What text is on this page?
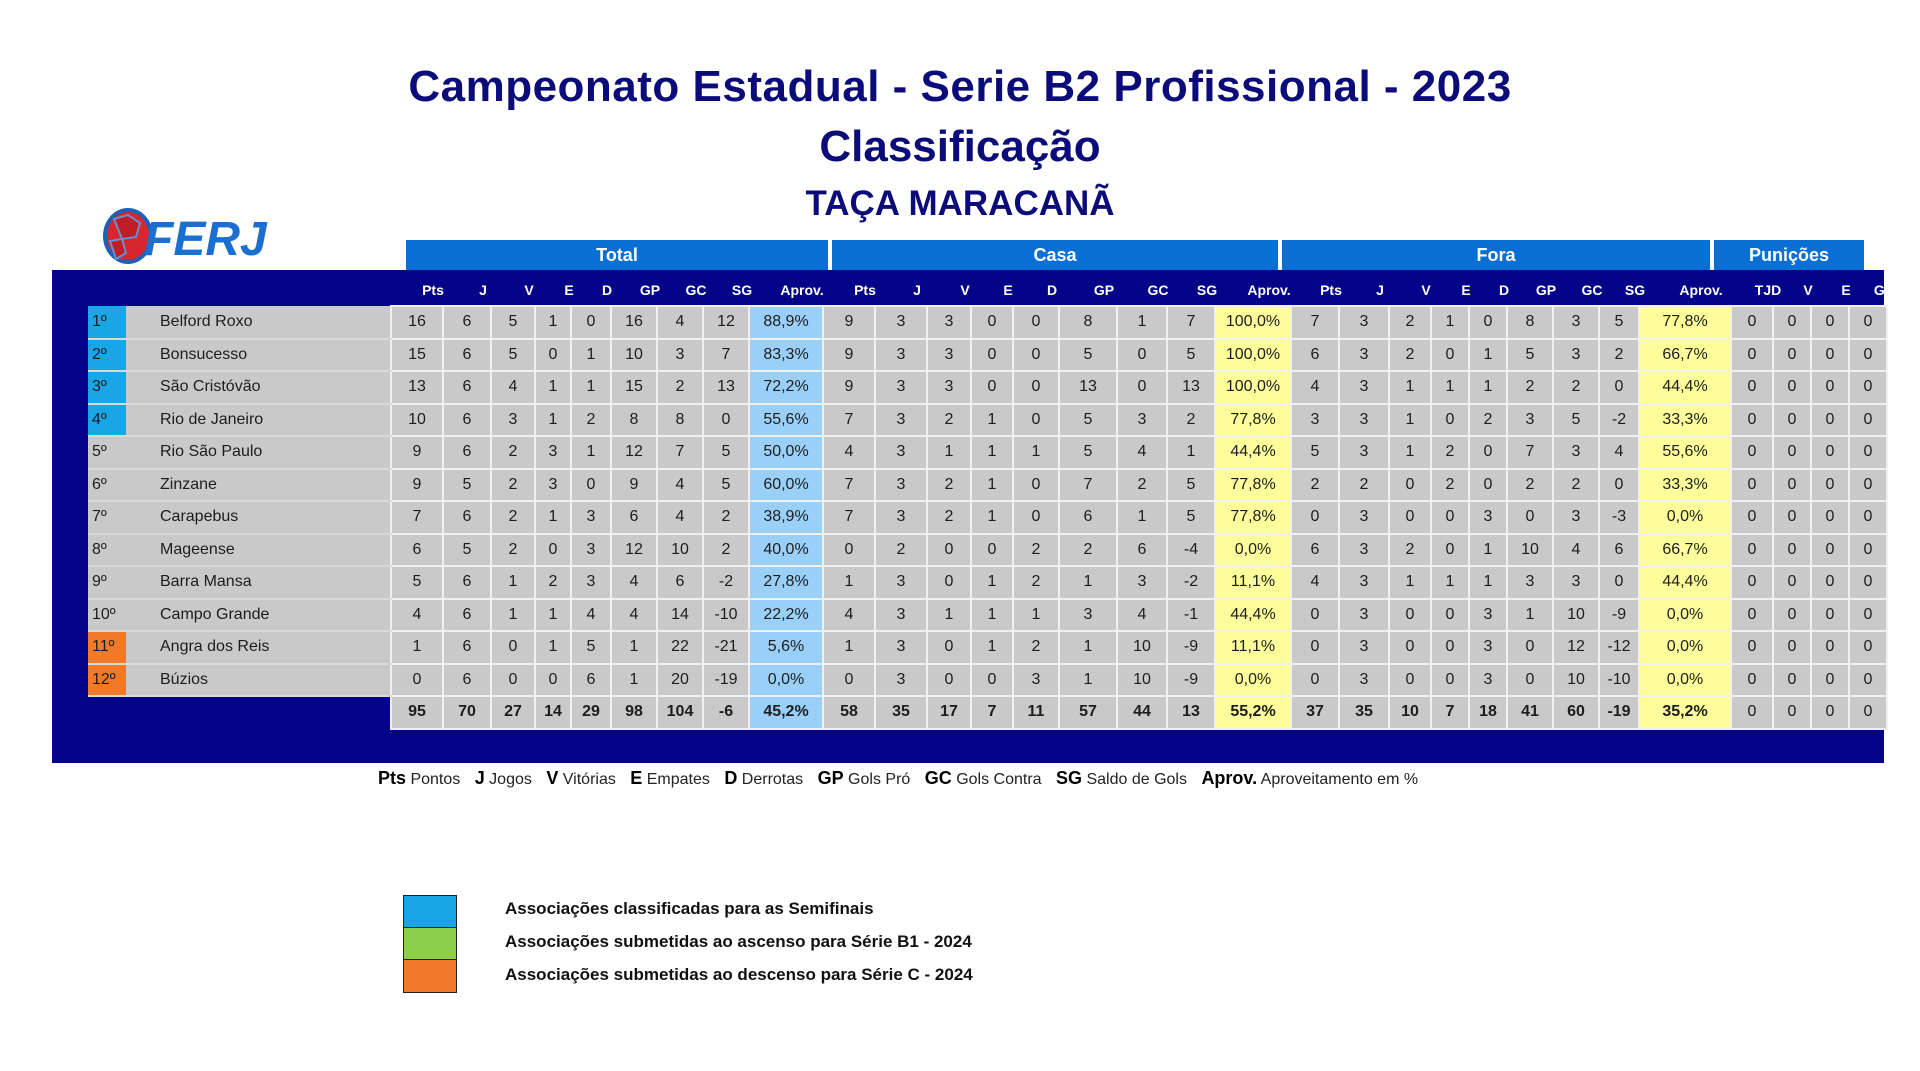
Campeonato Estadual - Serie B2 Profissional - 2023
Classificação
TAÇA MARACANÃ
FERJ	Total	Casa	Fora	Punições
Pts	J	V	E	D	GP	GC	SG	Aprov.	Pts	J	V	E	D	GP	GC	SG	Aprov.	Pts	J	V	E	D	GP	GC	SG	Aprov.	TJD	V	E	GP
1º	Belford Roxo	16	6	5	1	0	16	4	12	88,9%	9	3	3	0	0	8	1	7	100,0%	7	3	2	1	0	8	3	5	77,8%	0	0	0	0
2º	Bonsucesso	15	6	5	0	1	10	3	7	83,3%	9	3	3	0	0	5	0	5	100,0%	6	3	2	0	1	5	3	2	66,7%	0	0	0	0
3º	São Cristóvão	13	6	4	1	1	15	2	13	72,2%	9	3	3	0	0	13	0	13	100,0%	4	3	1	1	1	2	2	0	44,4%	0	0	0	0
4º	Rio de Janeiro	10	6	3	1	2	8	8	0	55,6%	7	3	2	1	0	5	3	2	77,8%	3	3	1	0	2	3	5	-2	33,3%	0	0	0	0
5º	Rio São Paulo	9	6	2	3	1	12	7	5	50,0%	4	3	1	1	1	5	4	1	44,4%	5	3	1	2	0	7	3	4	55,6%	0	0	0	0
6º	Zinzane	9	5	2	3	0	9	4	5	60,0%	7	3	2	1	0	7	2	5	77,8%	2	2	0	2	0	2	2	0	33,3%	0	0	0	0
7º	Carapebus	7	6	2	1	3	6	4	2	38,9%	7	3	2	1	0	6	1	5	77,8%	0	3	0	0	3	0	3	-3	0,0%	0	0	0	0
8º	Mageense	6	5	2	0	3	12	10	2	40,0%	0	2	0	0	2	2	6	-4	0,0%	6	3	2	0	1	10	4	6	66,7%	0	0	0	0
9º	Barra Mansa	5	6	1	2	3	4	6	-2	27,8%	1	3	0	1	2	1	3	-2	11,1%	4	3	1	1	1	3	3	0	44,4%	0	0	0	0
10º	Campo Grande	4	6	1	1	4	4	14	-10	22,2%	4	3	1	1	1	3	4	-1	44,4%	0	3	0	0	3	1	10	-9	0,0%	0	0	0	0
11º	Angra dos Reis	1	6	0	1	5	1	22	-21	5,6%	1	3	0	1	2	1	10	-9	11,1%	0	3	0	0	3	0	12	-12	0,0%	0	0	0	0
12º	Búzios	0	6	0	0	6	1	20	-19	0,0%	0	3	0	0	3	1	10	-9	0,0%	0	3	0	0	3	0	10	-10	0,0%	0	0	0	0
		95	70	27	14	29	98	104	-6	45,2%	58	35	17	7	11	57	44	13	55,2%	37	35	10	7	18	41	60	-19	35,2%	0	0	0	0
Pts Pontos J Jogos V Vitórias E Empates D Derrotas GP Gols Pró GC Gols Contra SG Saldo de Gols Aprov. Aproveitamento em %
Associações classificadas para as Semifinais
Associações submetidas ao ascenso para Série B1 - 2024
Associações submetidas ao descenso para Série C - 2024
